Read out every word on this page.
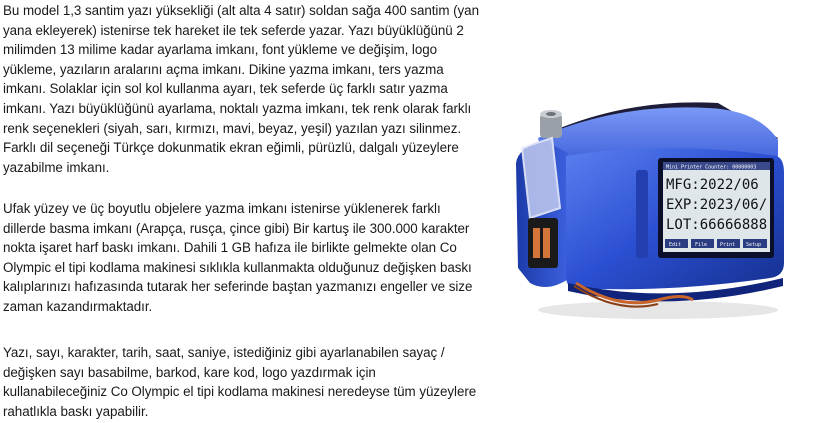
Bu model 1,3 santim yazı yüksekliği (alt alta 4 satır) soldan sağa 400 santim (yan yana ekleyerek) istenirse tek hareket ile tek seferde yazar. Yazı büyüklüğünü 2 milimden 13 milime kadar ayarlama imkanı, font yükleme ve değişim, logo yükleme, yazıların aralarını açma imkanı. Dikine yazma imkanı, ters yazma imkanı. Solaklar için sol kol kullanma ayarı, tek seferde üç farklı satır yazma imkanı. Yazı büyüklüğünü ayarlama, noktalı yazma imkanı, tek renk olarak farklı renk seçenekleri (siyah, sarı, kırmızı, mavi, beyaz, yeşil) yazılan yazı silinmez. Farklı dil seçeneği Türkçe dokunmatik ekran eğimli, pürüzlü, dalgalı yüzeylere yazabilme imkanı.

Ufak yüzey ve üç boyutlu objelere yazma imkanı istenirse yüklenerek farklı dillerde basma imkanı (Arapça, rusça, çince gibi) Bir kartuş ile 300.000 karakter nokta işaret harf baskı imkanı. Dahili 1 GB hafıza ile birlikte gelmekte olan Co Olympic el tipi kodlama makinesi sıklıkla kullanmakta olduğunuz değişken baskı kalıplarınızı hafızasında tutarak her seferinde baştan yazmanızı engeller ve size zaman kazandırmaktadır.

Yazı, sayı, karakter, tarih, saat, saniye, istediğiniz gibi ayarlanabilen sayaç / değişken sayı basabilme, barkod, kare kod, logo yazdırmak için kullanabileceğiniz Co Olympic el tipi kodlama makinesi neredeyse tüm yüzeylere rahatlıkla baskı yapabilir.

Mini Printer Counter: 00000003
MFG:2022/06
EXP:2023/06/
LOT:66666888
Edit	File	Print Setup
